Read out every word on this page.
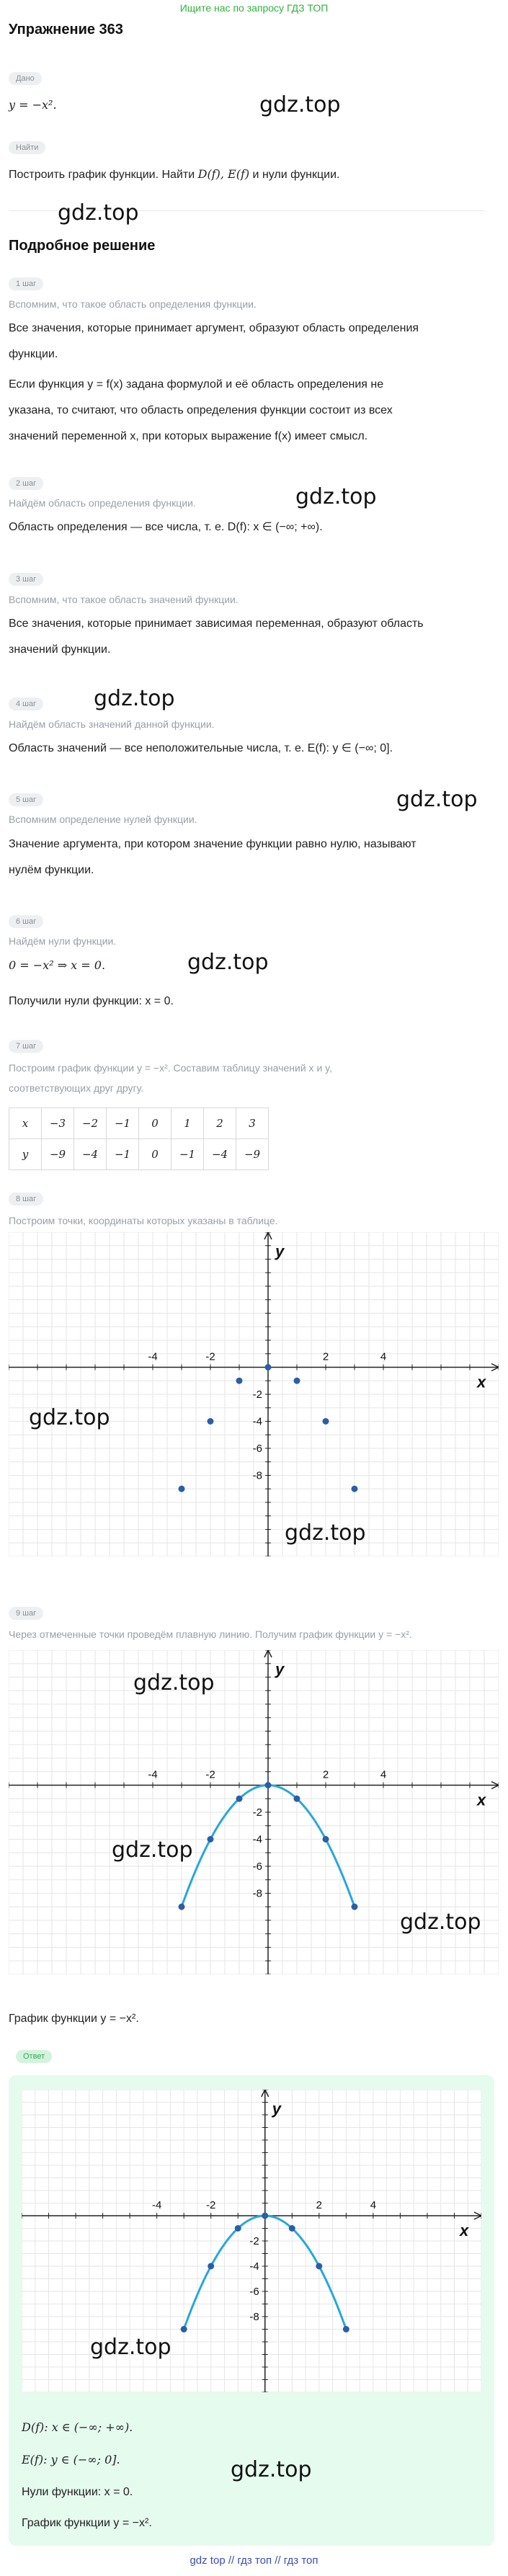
Ищите нас по запросу ГДЗ ТОП
Упражнение 363
Дано
y = −x².
Найти
Построить график функции. Найти D(f), E(f) и нули функции.
Подробное решение
1 шаг
Вспомним, что такое область определения функции.
Все значения, которые принимает аргумент, образуют область определения
функции.
Если функция y = f(x) задана формулой и её область определения не
указана, то считают, что область определения функции состоит из всех
значений переменной x, при которых выражение f(x) имеет смысл.
2 шаг
Найдём область определения функции.
Область определения — все числа, т. е. D(f): x ∈ (−∞; +∞).
3 шаг
Вспомним, что такое область значений функции.
Все значения, которые принимает зависимая переменная, образуют область
значений функции.
4 шаг
Найдём область значений данной функции.
Область значений — все неположительные числа, т. е. E(f): y ∈ (−∞; 0].
5 шаг
Вспомним определение нулей функции.
Значение аргумента, при котором значение функции равно нулю, называют
нулём функции.
6 шаг
Найдём нули функции.
0 = −x² ⇒ x = 0.
Получили нули функции: x = 0.
7 шаг
Построим график функции y = −x². Составим таблицу значений x и y,
соответствующих друг другу.
x	−3	−2	−1	0	1	2	3
y	−9	−4	−1	0	−1	−4	−9
8 шаг
Построим точки, координаты которых указаны в таблице.
-4	-2	2	4
-2
-4
-6
-8
x
y
9 шаг
Через отмеченные точки проведём плавную линию. Получим график функции y = −x².
-4	-2	2	4
-2
-4
-6
-8
x
y
График функции y = −x².
Ответ
-4	-2	2	4
-2
-4
-6
-8
x
y
D(f): x ∈ (−∞; +∞).
E(f): y ∈ (−∞; 0].
Нули функции: x = 0.
График функции y = −x².
gdz.top
gdz.top
gdz.top
gdz.top
gdz.top
gdz.top
gdz.top
gdz.top
gdz.top
gdz.top
gdz.top
gdz.top
gdz.top
gdz top // гдз топ // гдз топ
